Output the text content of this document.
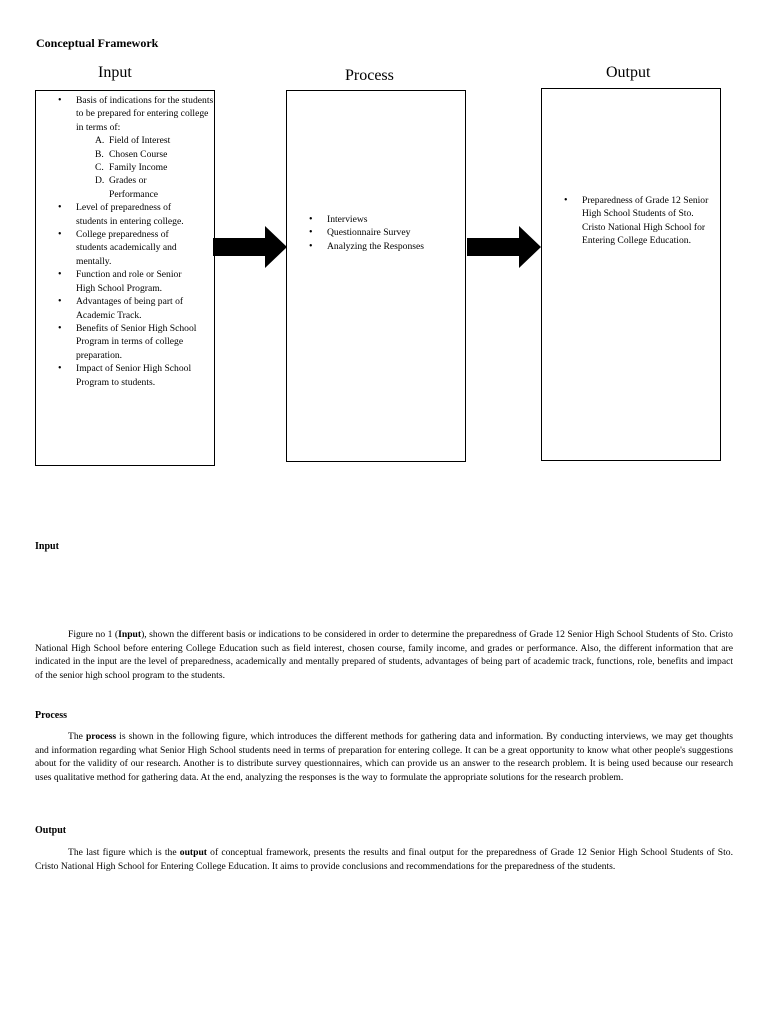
Conceptual Framework
Input	Process	Output
• Basis of indications for the students to be prepared for entering college in terms of:
A. Field of Interest
B. Chosen Course
C. Family Income
D. Grades or Performance
• Level of preparedness of students in entering college.
• College preparedness of students academically and mentally.
• Function and role or Senior High School Program.
• Advantages of being part of Academic Track.
• Benefits of Senior High School Program in terms of college preparation.
• Impact of Senior High School Program to students.
• Interviews
• Questionnaire Survey
• Analyzing the Responses
• Preparedness of Grade 12 Senior High School Students of Sto. Cristo National High School for Entering College Education.
Input
Figure no 1 (Input), shown the different basis or indications to be considered in order to determine the preparedness of Grade 12 Senior High School Students of Sto. Cristo National High School before entering College Education such as field interest, chosen course, family income, and grades or performance. Also, the different information that are indicated in the input are the level of preparedness, academically and mentally prepared of students, advantages of being part of academic track, functions, role, benefits and impact of the senior high school program to the students.
Process
The process is shown in the following figure, which introduces the different methods for gathering data and information. By conducting interviews, we may get thoughts and information regarding what Senior High School students need in terms of preparation for entering college. It can be a great opportunity to know what other people's suggestions about for the validity of our research. Another is to distribute survey questionnaires, which can provide us an answer to the research problem. It is being used because our research uses qualitative method for gathering data. At the end, analyzing the responses is the way to formulate the appropriate solutions for the research problem.
Output
The last figure which is the output of conceptual framework, presents the results and final output for the preparedness of Grade 12 Senior High School Students of Sto. Cristo National High School for Entering College Education. It aims to provide conclusions and recommendations for the preparedness of the students.
